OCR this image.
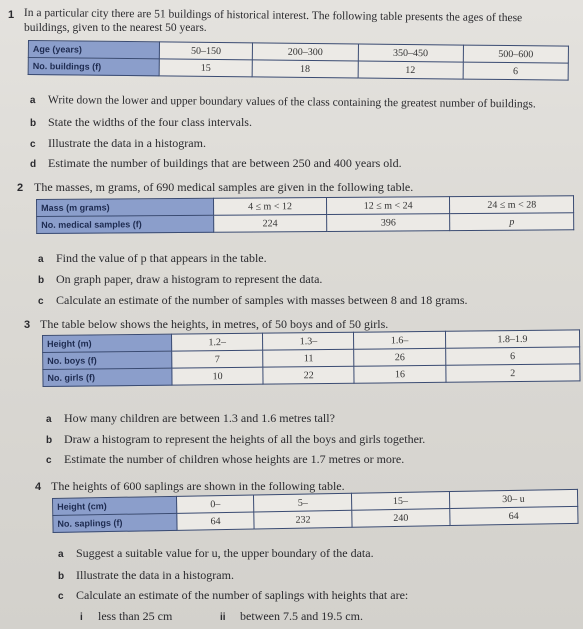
1 In a particular city there are 51 buildings of historical interest. The following table presents the ages of these
buildings, given to the nearest 50 years.
Age (years)	50–150	200–300	350–450	500–600
No. buildings (f)	15	18	12	6
a Write down the lower and upper boundary values of the class containing the greatest number of buildings.
b State the widths of the four class intervals.
c Illustrate the data in a histogram.
d Estimate the number of buildings that are between 250 and 400 years old.
2 The masses, m grams, of 690 medical samples are given in the following table.
Mass (m grams)	4 ≤ m < 12	12 ≤ m < 24	24 ≤ m < 28
No. medical samples (f)	224	396	p
a Find the value of p that appears in the table.
b On graph paper, draw a histogram to represent the data.
c Calculate an estimate of the number of samples with masses between 8 and 18 grams.
3 The table below shows the heights, in metres, of 50 boys and of 50 girls.
Height (m)	1.2–	1.3–	1.6–	1.8–1.9
No. boys (f)	7	11	26	6
No. girls (f)	10	22	16	2
a How many children are between 1.3 and 1.6 metres tall?
b Draw a histogram to represent the heights of all the boys and girls together.
c Estimate the number of children whose heights are 1.7 metres or more.
4 The heights of 600 saplings are shown in the following table.
Height (cm)	0–	5–	15–	30– u
No. saplings (f)	64	232	240	64
a Suggest a suitable value for u, the upper boundary of the data.
b Illustrate the data in a histogram.
c Calculate an estimate of the number of saplings with heights that are:
i less than 25 cm	ii between 7.5 and 19.5 cm.
